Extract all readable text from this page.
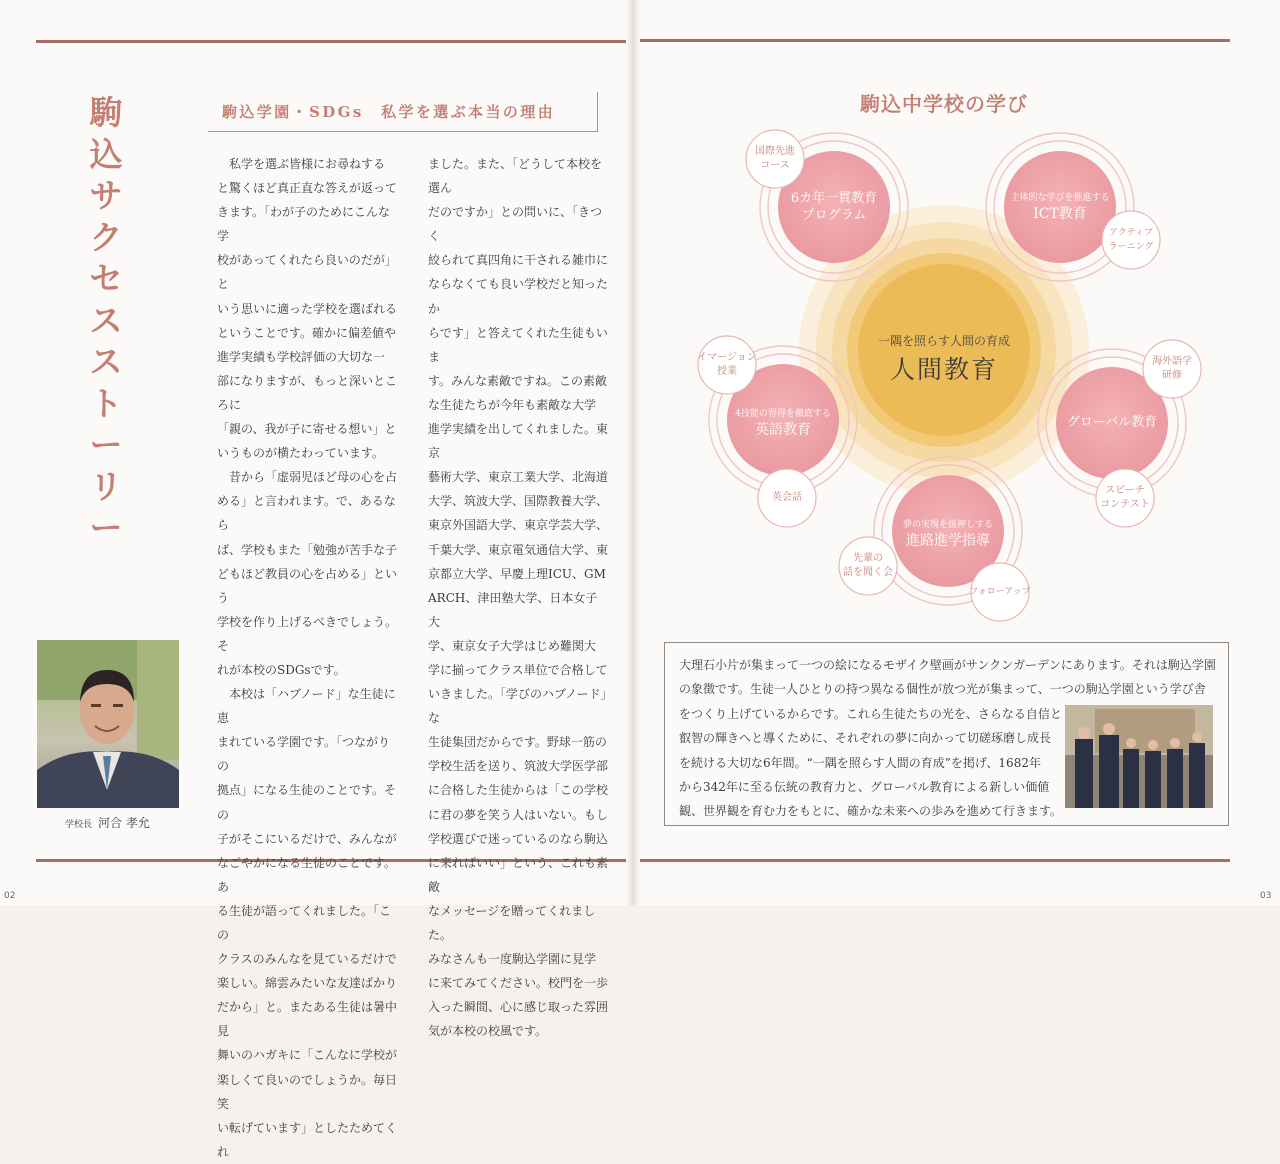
駒
込
サ
ク
セ
ス
ス
ト
ー
リ
ー
駒込学園・SDGs　私学を選ぶ本当の理由

　私学を選ぶ皆様にお尋ねする

と驚くほど真正直な答えが返って

きます。「わが子のためにこんな学

校があってくれたら良いのだが」と

いう思いに適った学校を選ばれる

ということです。確かに偏差値や

進学実績も学校評価の大切な一

部になりますが、もっと深いところに

「親の、我が子に寄せる想い」と

いうものが横たわっています。

　昔から「虚弱児ほど母の心を占

める」と言われます。で、あるなら

ば、学校もまた「勉強が苦手な子

どもほど教員の心を占める」という

学校を作り上げるべきでしょう。そ

れが本校のSDGsです。

　本校は「ハブノード」な生徒に恵

まれている学園です。「つながりの

拠点」になる生徒のことです。その

子がそこにいるだけで、みんなが

なごやかになる生徒のことです。あ

る生徒が語ってくれました。「この

クラスのみんなを見ているだけで

楽しい。綿雲みたいな友達ばかり

だから」と。またある生徒は暑中見

舞いのハガキに「こんなに学校が

楽しくて良いのでしょうか。毎日笑

い転げています」としたためてくれ

ました。また、「どうして本校を選ん

だのですか」との問いに、「きつく

絞られて真四角に干される雑巾に

ならなくても良い学校だと知ったか

らです」と答えてくれた生徒もいま

す。みんな素敵ですね。この素敵

な生徒たちが今年も素敵な大学

進学実績を出してくれました。東京

藝術大学、東京工業大学、北海道

大学、筑波大学、国際教養大学、

東京外国語大学、東京学芸大学、

千葉大学、東京電気通信大学、東

京都立大学、早慶上理ICU、GM

ARCH、津田塾大学、日本女子大

学、東京女子大学はじめ難関大

学に揃ってクラス単位で合格して

いきました。「学びのハブノード」な

生徒集団だからです。野球一筋の

学校生活を送り、筑波大学医学部

に合格した生徒からは「この学校

に君の夢を笑う人はいない。もし

学校選びで迷っているのなら駒込

に来ればいい」という、これも素敵

なメッセージを贈ってくれました。

みなさんも一度駒込学園に見学

に来てみてください。校門を一歩

入った瞬間、心に感じ取った雰囲

気が本校の校風です。

学校長 河合 孝允
02	03
駒込中学校の学び
一隅を照らす人間の育成
人間教育
6カ年一貫教育
プログラム
主体的な学びを推進する
ICT教育
4技能の習得を徹底する
英語教育	グローバル教育
夢の実現を後押しする
進路進学指導
国際先進
コース
アクティブ
ラーニング
イマージョン
授業
英会話
海外語学
研修
スピーチ
コンテスト
先輩の
話を聞く会
フォローアップ
大理石小片が集まって一つの絵になるモザイク壁画がサンクンガーデンにあります。それは駒込学園
の象徴です。生徒一人ひとりの持つ異なる個性が放つ光が集まって、一つの駒込学園という学び舎
をつくり上げているからです。これら生徒たちの光を、さらなる自信と
叡智の輝きへと導くために、それぞれの夢に向かって切磋琢磨し成長
を続ける大切な6年間。“一隅を照らす人間の育成”を掲げ、1682年
から342年に至る伝統の教育力と、グローバル教育による新しい価値
観、世界観を育む力をもとに、確かな未来への歩みを進めて行きます。
